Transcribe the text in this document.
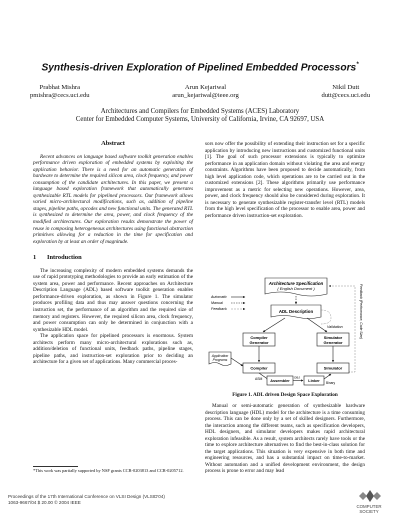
Synthesis-driven Exploration of Pipelined Embedded Processors*
Prabhat Mishra
pmishra@cecs.uci.edu
Arun Kejariwal
arun_kejariwal@ieee.org
Nikil Dutt
dutt@cecs.uci.edu
Architectures and Compilers for Embedded Systems (ACES) Laboratory
Center for Embedded Computer Systems, University of California, Irvine, CA 92697, USA
Abstract

Recent advances on language based software toolkit generation enables performance driven exploration of embedded systems by exploiting the application behavior. There is a need for an automatic generation of hardware to determine the required silicon area, clock frequency, and power consumption of the candidate architectures. In this paper, we present a language based exploration framework that automatically generates synthesizable RTL models for pipelined processors. Our framework allows varied micro-architectural modifications, such as, addition of pipeline stages, pipeline paths, opcodes and new functional units. The generated RTL is synthesized to determine the area, power, and clock frequency of the modified architectures. Our exploration results demonstrate the power of reuse in composing heterogeneous architectures using functional abstraction primitives allowing for a reduction in the time for specification and exploration by at least an order of magnitude.

1 Introduction

The increasing complexity of modern embedded systems demands the use of rapid prototyping methodologies to provide an early estimation of the system area, power and performance. Recent approaches on Architecture Description Language (ADL) based software toolkit generation enables performance-driven exploration, as shown in Figure 1. The simulator produces profiling data and thus may answer questions concerning the instruction set, the performance of an algorithm and the required size of memory and registers. However, the required silicon area, clock frequency, and power consumption can only be determined in conjunction with a synthesizable HDL model.

The application space for pipelined processors is enormous. System architects perform many micro-architectural explorations such as, addition/deletion of functional units, feedback paths, pipeline stages, pipeline paths, and instruction-set exploration prior to deciding an architecture for a given set of applications. Many commercial proces-

*This work was partially supported by NSF grants CCR-0203813 and CCR-0205712.

sors now offer the possibility of extending their instruction set for a specific application by introducing new instructions and customized functional units [1]. The goal of such processor extensions is typically to optimize performance in an application domain without violating the area and energy constraints. Algorithms have been proposed to decide automatically, from high level application code, which operations are to be carried out in the customized extensions [2]. These algorithms primarily use performance improvement as a metric for selecting new operations. However, area, power, and clock frequency should also be considered during exploration. It is necessary to generate synthesizable register-transfer level (RTL) models from the high level specification of the processor to enable area, power and performance driven instruction-set exploration.

Architecture Specification
( English Document )
Automatic
Manual
Feedback	ADL Description
Validation	Feedback (Performance, Code Size)
Compiler
Generator
Simulator
Generator
Application
Programs
Compiler	Simulator
ASM Assembler
OBJ
Linker Binary
Figure 1. ADL driven Design Space Exploration

Manual or semi-automatic generation of synthesizable hardware description language (HDL) model for the architecture is a time consuming process. This can be done only by a set of skilled designers. Furthermore, the interaction among the different teams, such as specification developers, HDL designers, and simulator developers makes rapid architectural exploration infeasible. As a result, system architects rarely have tools or the time to explore architecture alternatives to find the best-in-class solution for the target applications. This situation is very expensive in both time and engineering resources, and has a substantial impact on time-to-market. Without automation and a unified development environment, the design process is prone to error and may lead

Proceedings of the 17th International Conference on VLSI Design (VLSID'04)
1063-9667/04 $ 20.00 © 2004 IEEE
COMPUTER
SOCIETY
